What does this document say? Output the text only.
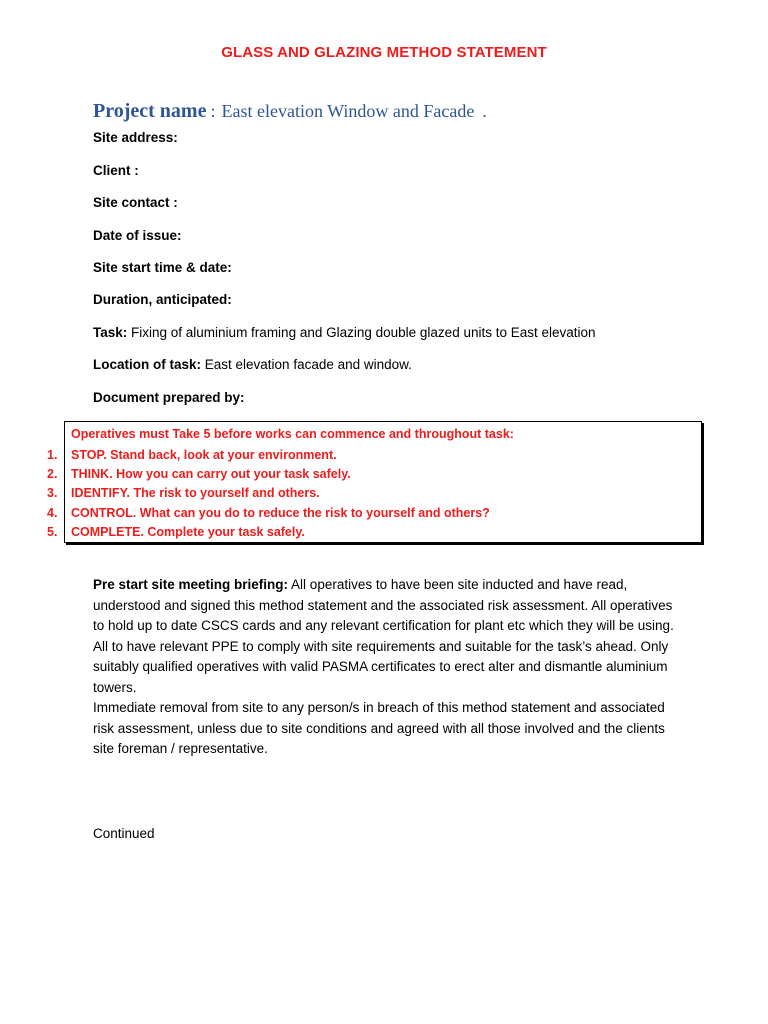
GLASS AND GLAZING METHOD STATEMENT
Project name : East elevation Window and Facade .
Site address:
Client :
Site contact :
Date of issue:
Site start time & date:
Duration, anticipated:
Task: Fixing of aluminium framing and Glazing double glazed units to East elevation
Location of task: East elevation facade and window.
Document prepared by:
Operatives must Take 5 before works can commence and throughout task:
1. STOP. Stand back, look at your environment.
2. THINK. How you can carry out your task safely.
3. IDENTIFY. The risk to yourself and others.
4. CONTROL. What can you do to reduce the risk to yourself and others?
5. COMPLETE. Complete your task safely.

Pre start site meeting briefing: All operatives to have been site inducted and have read, understood and signed this method statement and the associated risk assessment. All operatives to hold up to date CSCS cards and any relevant certification for plant etc which they will be using.

All to have relevant PPE to comply with site requirements and suitable for the task’s ahead. Only suitably qualified operatives with valid PASMA certificates to erect alter and dismantle aluminium towers.

Immediate removal from site to any person/s in breach of this method statement and associated risk assessment, unless due to site conditions and agreed with all those involved and the clients site foreman / representative.

Continued
